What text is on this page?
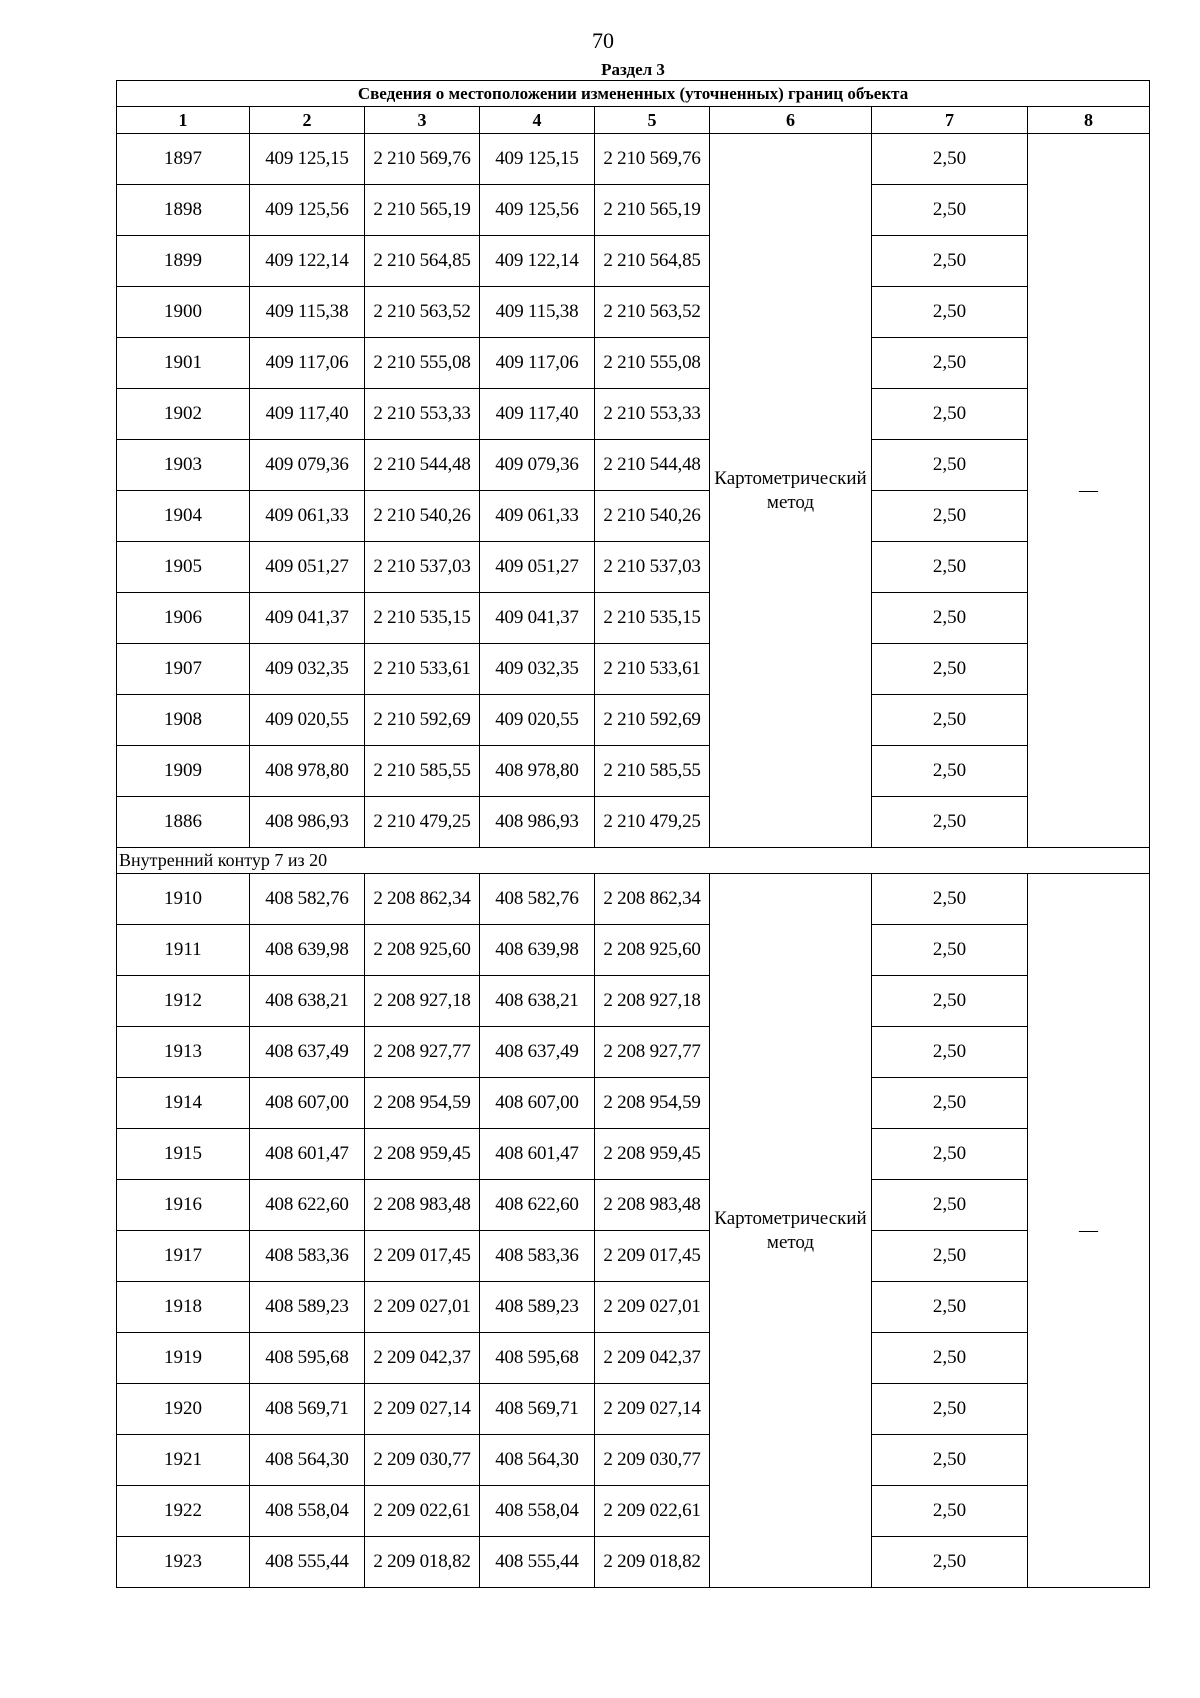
70
Раздел 3
Сведения о местоположении измененных (уточненных) границ объекта							
1	2	3	4	5	6	7	8
1897	409 125,15	2 210 569,76	409 125,15	2 210 569,76	Картометрический метод	2,50	—
1898	409 125,56	2 210 565,19	409 125,56	2 210 565,19		2,50	
1899	409 122,14	2 210 564,85	409 122,14	2 210 564,85		2,50	
1900	409 115,38	2 210 563,52	409 115,38	2 210 563,52		2,50	
1901	409 117,06	2 210 555,08	409 117,06	2 210 555,08		2,50	
1902	409 117,40	2 210 553,33	409 117,40	2 210 553,33		2,50	
1903	409 079,36	2 210 544,48	409 079,36	2 210 544,48		2,50	
1904	409 061,33	2 210 540,26	409 061,33	2 210 540,26		2,50	
1905	409 051,27	2 210 537,03	409 051,27	2 210 537,03		2,50	
1906	409 041,37	2 210 535,15	409 041,37	2 210 535,15		2,50	
1907	409 032,35	2 210 533,61	409 032,35	2 210 533,61		2,50	
1908	409 020,55	2 210 592,69	409 020,55	2 210 592,69		2,50	
1909	408 978,80	2 210 585,55	408 978,80	2 210 585,55		2,50	
1886	408 986,93	2 210 479,25	408 986,93	2 210 479,25		2,50	
Внутренний контур 7 из 20							
1910	408 582,76	2 208 862,34	408 582,76	2 208 862,34	Картометрический метод	2,50	—
1911	408 639,98	2 208 925,60	408 639,98	2 208 925,60		2,50	
1912	408 638,21	2 208 927,18	408 638,21	2 208 927,18		2,50	
1913	408 637,49	2 208 927,77	408 637,49	2 208 927,77		2,50	
1914	408 607,00	2 208 954,59	408 607,00	2 208 954,59		2,50	
1915	408 601,47	2 208 959,45	408 601,47	2 208 959,45		2,50	
1916	408 622,60	2 208 983,48	408 622,60	2 208 983,48		2,50	
1917	408 583,36	2 209 017,45	408 583,36	2 209 017,45		2,50	
1918	408 589,23	2 209 027,01	408 589,23	2 209 027,01		2,50	
1919	408 595,68	2 209 042,37	408 595,68	2 209 042,37		2,50	
1920	408 569,71	2 209 027,14	408 569,71	2 209 027,14		2,50	
1921	408 564,30	2 209 030,77	408 564,30	2 209 030,77		2,50	
1922	408 558,04	2 209 022,61	408 558,04	2 209 022,61		2,50	
1923	408 555,44	2 209 018,82	408 555,44	2 209 018,82		2,50	
